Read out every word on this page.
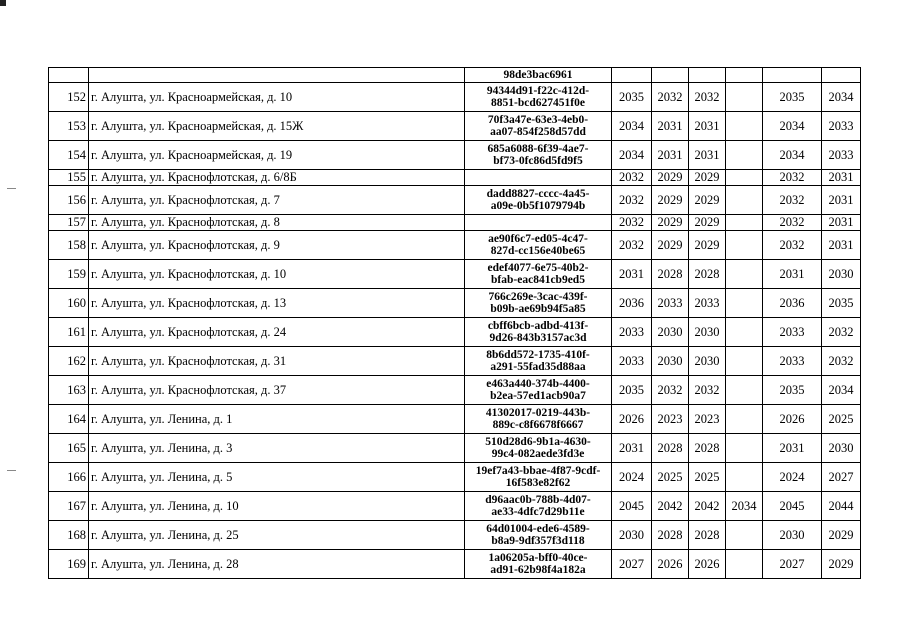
		98de3bac6961						
152	г. Алушта, ул. Красноармейская, д. 10	94344d91-f22c-412d-
8851-bcd627451f0e	2035	2032	2032		2035	2034
153	г. Алушта, ул. Красноармейская, д. 15Ж	70f3a47e-63e3-4eb0-
aa07-854f258d57dd	2034	2031	2031		2034	2033
154	г. Алушта, ул. Красноармейская, д. 19	685a6088-6f39-4ae7-
bf73-0fc86d5fd9f5	2034	2031	2031		2034	2033
155	г. Алушта, ул. Краснофлотская, д. 6/8Б		2032	2029	2029		2032	2031
156	г. Алушта, ул. Краснофлотская, д. 7	dadd8827-cccc-4a45-
a09e-0b5f1079794b	2032	2029	2029		2032	2031
157	г. Алушта, ул. Краснофлотская, д. 8		2032	2029	2029		2032	2031
158	г. Алушта, ул. Краснофлотская, д. 9	ae90f6c7-ed05-4c47-
827d-cc156e40be65	2032	2029	2029		2032	2031
159	г. Алушта, ул. Краснофлотская, д. 10	edef4077-6e75-40b2-
bfab-eac841cb9ed5	2031	2028	2028		2031	2030
160	г. Алушта, ул. Краснофлотская, д. 13	766c269e-3cac-439f-
b09b-ae69b94f5a85	2036	2033	2033		2036	2035
161	г. Алушта, ул. Краснофлотская, д. 24	cbff6bcb-adbd-413f-
9d26-843b3157ac3d	2033	2030	2030		2033	2032
162	г. Алушта, ул. Краснофлотская, д. 31	8b6dd572-1735-410f-
a291-55fad35d88aa	2033	2030	2030		2033	2032
163	г. Алушта, ул. Краснофлотская, д. 37	e463a440-374b-4400-
b2ea-57ed1acb90a7	2035	2032	2032		2035	2034
164	г. Алушта, ул. Ленина, д. 1	41302017-0219-443b-
889c-c8f6678f6667	2026	2023	2023		2026	2025
165	г. Алушта, ул. Ленина, д. 3	510d28d6-9b1a-4630-
99c4-082aede3fd3e	2031	2028	2028		2031	2030
166	г. Алушта, ул. Ленина, д. 5	19ef7a43-bbae-4f87-9cdf-
16f583e82f62	2024	2025	2025		2024	2027
167	г. Алушта, ул. Ленина, д. 10	d96aac0b-788b-4d07-
ae33-4dfc7d29b11e	2045	2042	2042	2034	2045	2044
168	г. Алушта, ул. Ленина, д. 25	64d01004-ede6-4589-
b8a9-9df357f3d118	2030	2028	2028		2030	2029
169	г. Алушта, ул. Ленина, д. 28	1a06205a-bff0-40ce-
ad91-62b98f4a182a	2027	2026	2026		2027	2029
